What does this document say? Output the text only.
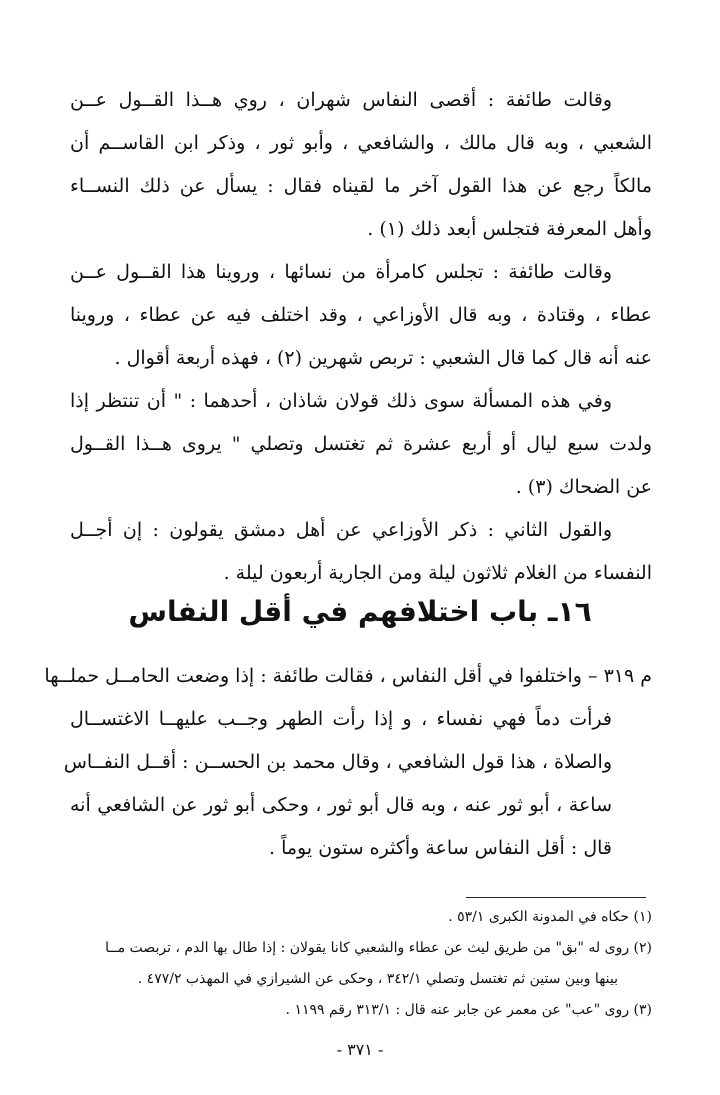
وقالت طائفة : أقصى النفاس شهران ، روي هــذا القــول عــن
الشعبي ، وبه قال مالك ، والشافعي ، وأبو ثور ، وذكر ابن القاســم أن
مالكاً رجع عن هذا القول آخر ما لقيناه فقال : يسأل عن ذلك النســاء
وأهل المعرفة فتجلس أبعد ذلك (١) .
وقالت طائفة : تجلس كامرأة من نسائها ، وروينا هذا القــول عــن
عطاء ، وقتادة ، وبه قال الأوزاعي ، وقد اختلف فيه عن عطاء ، وروينا
عنه أنه قال كما قال الشعبي : تربص شهرين (٢) ، فهذه أربعة أقوال .
وفي هذه المسألة سوى ذلك قولان شاذان ، أحدهما : " أن تنتظر إذا
ولدت سبع ليال أو أربع عشرة ثم تغتسل وتصلي " يروى هــذا القــول
عن الضحاك (٣) .
والقول الثاني : ذكر الأوزاعي عن أهل دمشق يقولون : إن أجــل
النفساء من الغلام ثلاثون ليلة ومن الجارية أربعون ليلة .
١٦ـ باب اختلافهم في أقل النفاس
م ٣١٩ – واختلفوا في أقل النفاس ، فقالت طائفة : إذا وضعت الحامــل حملــها
فرأت دماً فهي نفساء ، و إذا رأت الطهر وجــب عليهــا الاغتســال
والصلاة ، هذا قول الشافعي ، وقال محمد بن الحســن : أقــل النفــاس
ساعة ، أبو ثور عنه ، وبه قال أبو ثور ، وحكى أبو ثور عن الشافعي أنه
قال : أقل النفاس ساعة وأكثره ستون يوماً .
(١) حكاه في المدونة الكبرى ٥٣/١ .
(٢) روى له "بق" من طريق ليث عن عطاء والشعبي كانا يقولان : إذا طال بها الدم ، تربصت مــا
بينها وبين ستين ثم تغتسل وتصلي ٣٤٢/١ ، وحكى عن الشيرازي في المهذب ٤٧٧/٢ .
(٣) روى "عب" عن معمر عن جابر عنه قال : ٣١٣/١ رقم ١١٩٩ .
- ٣٧١ -
